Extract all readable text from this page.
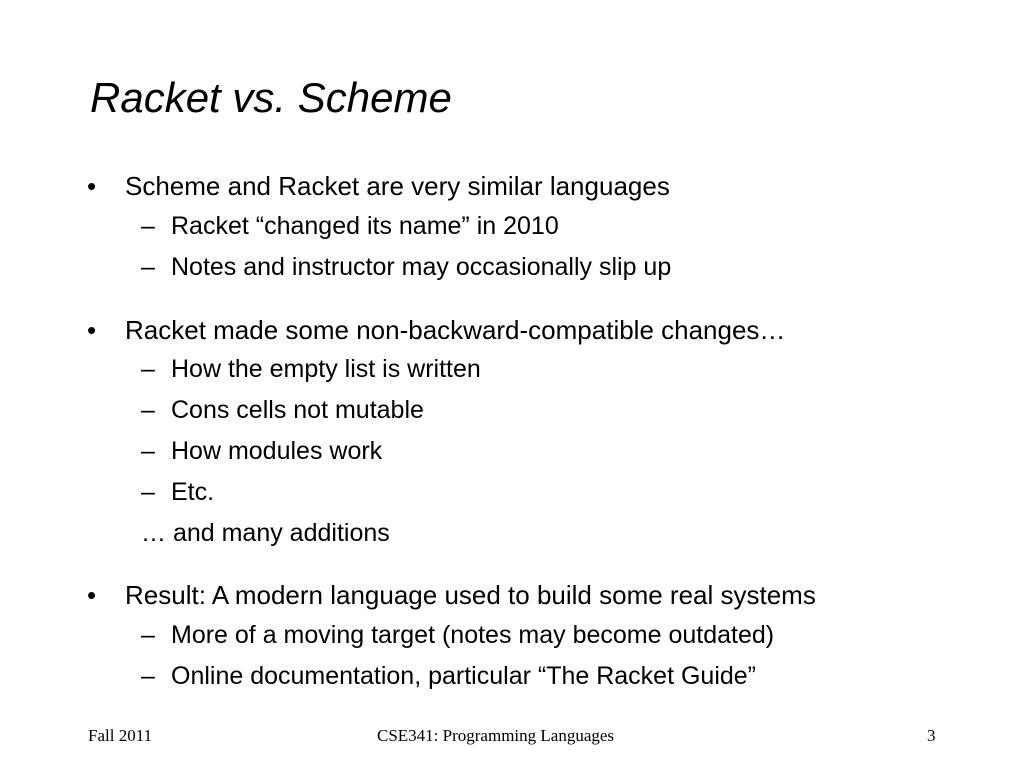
Racket vs. Scheme
• Scheme and Racket are very similar languages
– Racket “changed its name” in 2010
– Notes and instructor may occasionally slip up
• Racket made some non-backward-compatible changes…
– How the empty list is written
– Cons cells not mutable
– How modules work
– Etc.
… and many additions
• Result: A modern language used to build some real systems
– More of a moving target (notes may become outdated)
– Online documentation, particular “The Racket Guide”
Fall 2011	CSE341: Programming Languages	3
